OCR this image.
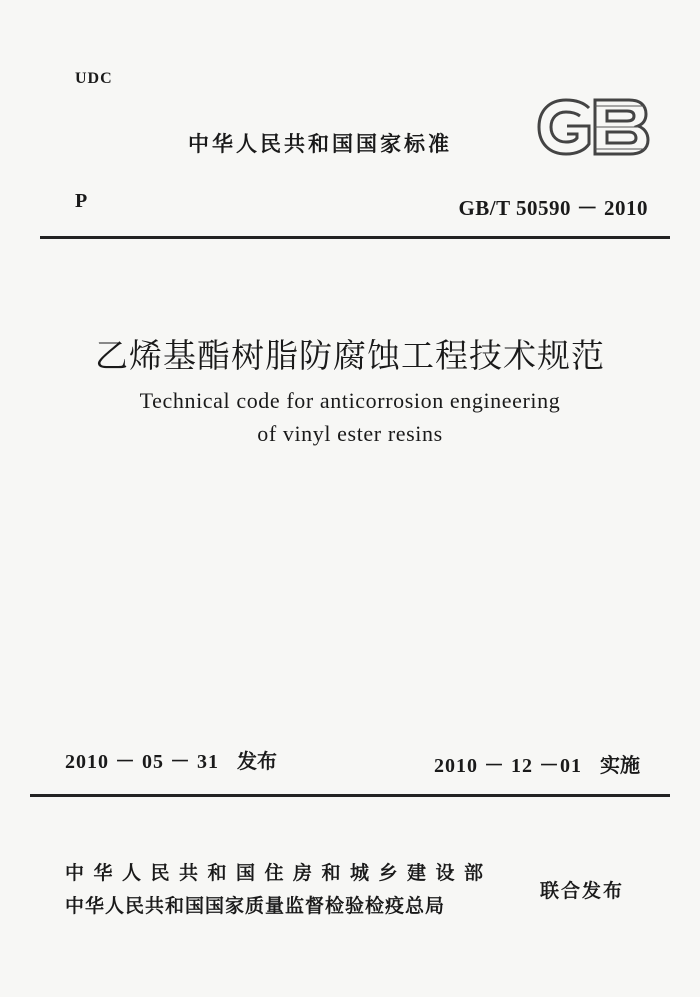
UDC
中华人民共和国国家标准
P	GB/T 50590 － 2010
乙烯基酯树脂防腐蚀工程技术规范
Technical code for anticorrosion engineering
of vinyl ester resins
2010 － 05 － 31 发布	2010 － 12 －01 实施
中华人民共和国住房和城乡建设部
中华人民共和国国家质量监督检验检疫总局
联合发布
